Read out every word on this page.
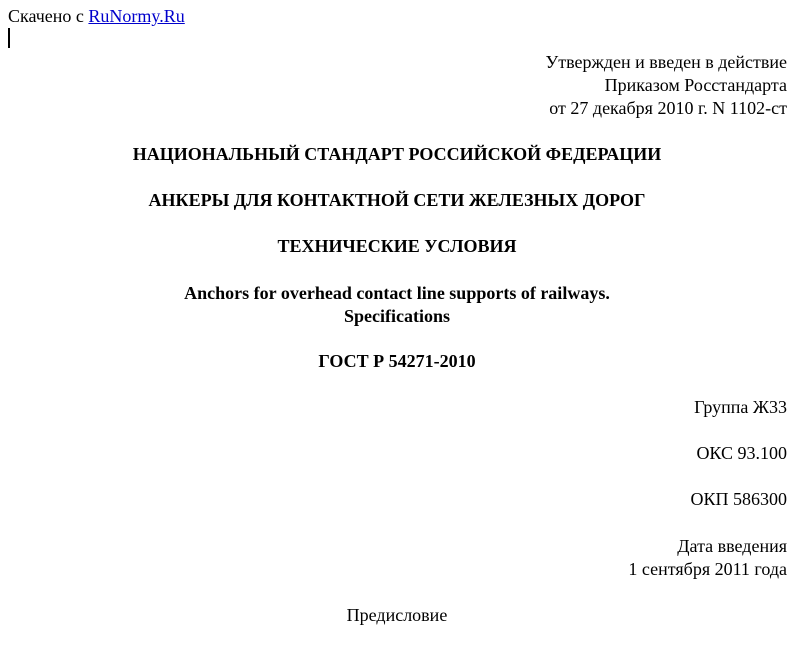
Скачено с RuNormy.Ru
Утвержден и введен в действие
Приказом Росстандарта
от 27 декабря 2010 г. N 1102-ст
НАЦИОНАЛЬНЫЙ СТАНДАРТ РОССИЙСКОЙ ФЕДЕРАЦИИ
АНКЕРЫ ДЛЯ КОНТАКТНОЙ СЕТИ ЖЕЛЕЗНЫХ ДОРОГ
ТЕХНИЧЕСКИЕ УСЛОВИЯ
Anchors for overhead contact line supports of railways.
Specifications
ГОСТ Р 54271-2010
Группа Ж33
ОКС 93.100
ОКП 586300
Дата введения
1 сентября 2011 года
Предисловие
